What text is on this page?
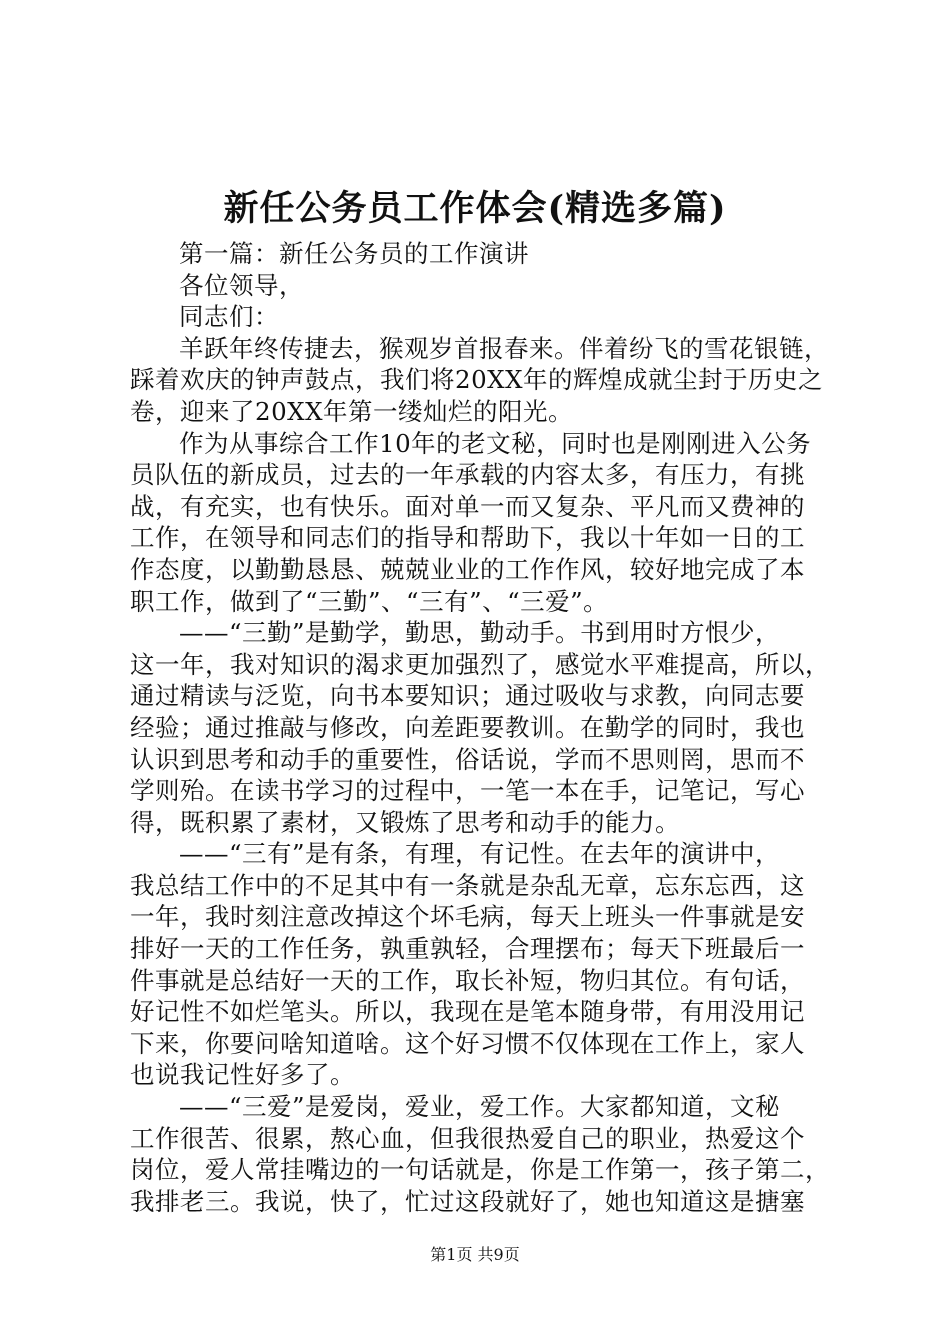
新任公务员工作体会(精选多篇)
第一篇：新任公务员的工作演讲
各位领导，
同志们：
羊跃年终传捷去，猴观岁首报春来。伴着纷飞的雪花银链，
踩着欢庆的钟声鼓点，我们将20XX年的辉煌成就尘封于历史之
卷，迎来了20XX年第一缕灿烂的阳光。
作为从事综合工作10年的老文秘，同时也是刚刚进入公务
员队伍的新成员，过去的一年承载的内容太多，有压力，有挑
战，有充实，也有快乐。面对单一而又复杂、平凡而又费神的
工作，在领导和同志们的指导和帮助下，我以十年如一日的工
作态度，以勤勤恳恳、兢兢业业的工作作风，较好地完成了本
职工作，做到了“三勤”、“三有”、“三爱”。
——“三勤”是勤学，勤思，勤动手。书到用时方恨少，
这一年，我对知识的渴求更加强烈了，感觉水平难提高，所以，
通过精读与泛览，向书本要知识；通过吸收与求教，向同志要
经验；通过推敲与修改，向差距要教训。在勤学的同时，我也
认识到思考和动手的重要性，俗话说，学而不思则罔，思而不
学则殆。在读书学习的过程中，一笔一本在手，记笔记，写心
得，既积累了素材，又锻炼了思考和动手的能力。
——“三有”是有条，有理，有记性。在去年的演讲中，
我总结工作中的不足其中有一条就是杂乱无章，忘东忘西，这
一年，我时刻注意改掉这个坏毛病，每天上班头一件事就是安
排好一天的工作任务，孰重孰轻，合理摆布；每天下班最后一
件事就是总结好一天的工作，取长补短，物归其位。有句话，
好记性不如烂笔头。所以，我现在是笔本随身带，有用没用记
下来，你要问啥知道啥。这个好习惯不仅体现在工作上，家人
也说我记性好多了。
——“三爱”是爱岗，爱业，爱工作。大家都知道，文秘
工作很苦、很累，熬心血，但我很热爱自己的职业，热爱这个
岗位，爱人常挂嘴边的一句话就是，你是工作第一，孩子第二，
我排老三。我说，快了，忙过这段就好了，她也知道这是搪塞
第1页 共9页
